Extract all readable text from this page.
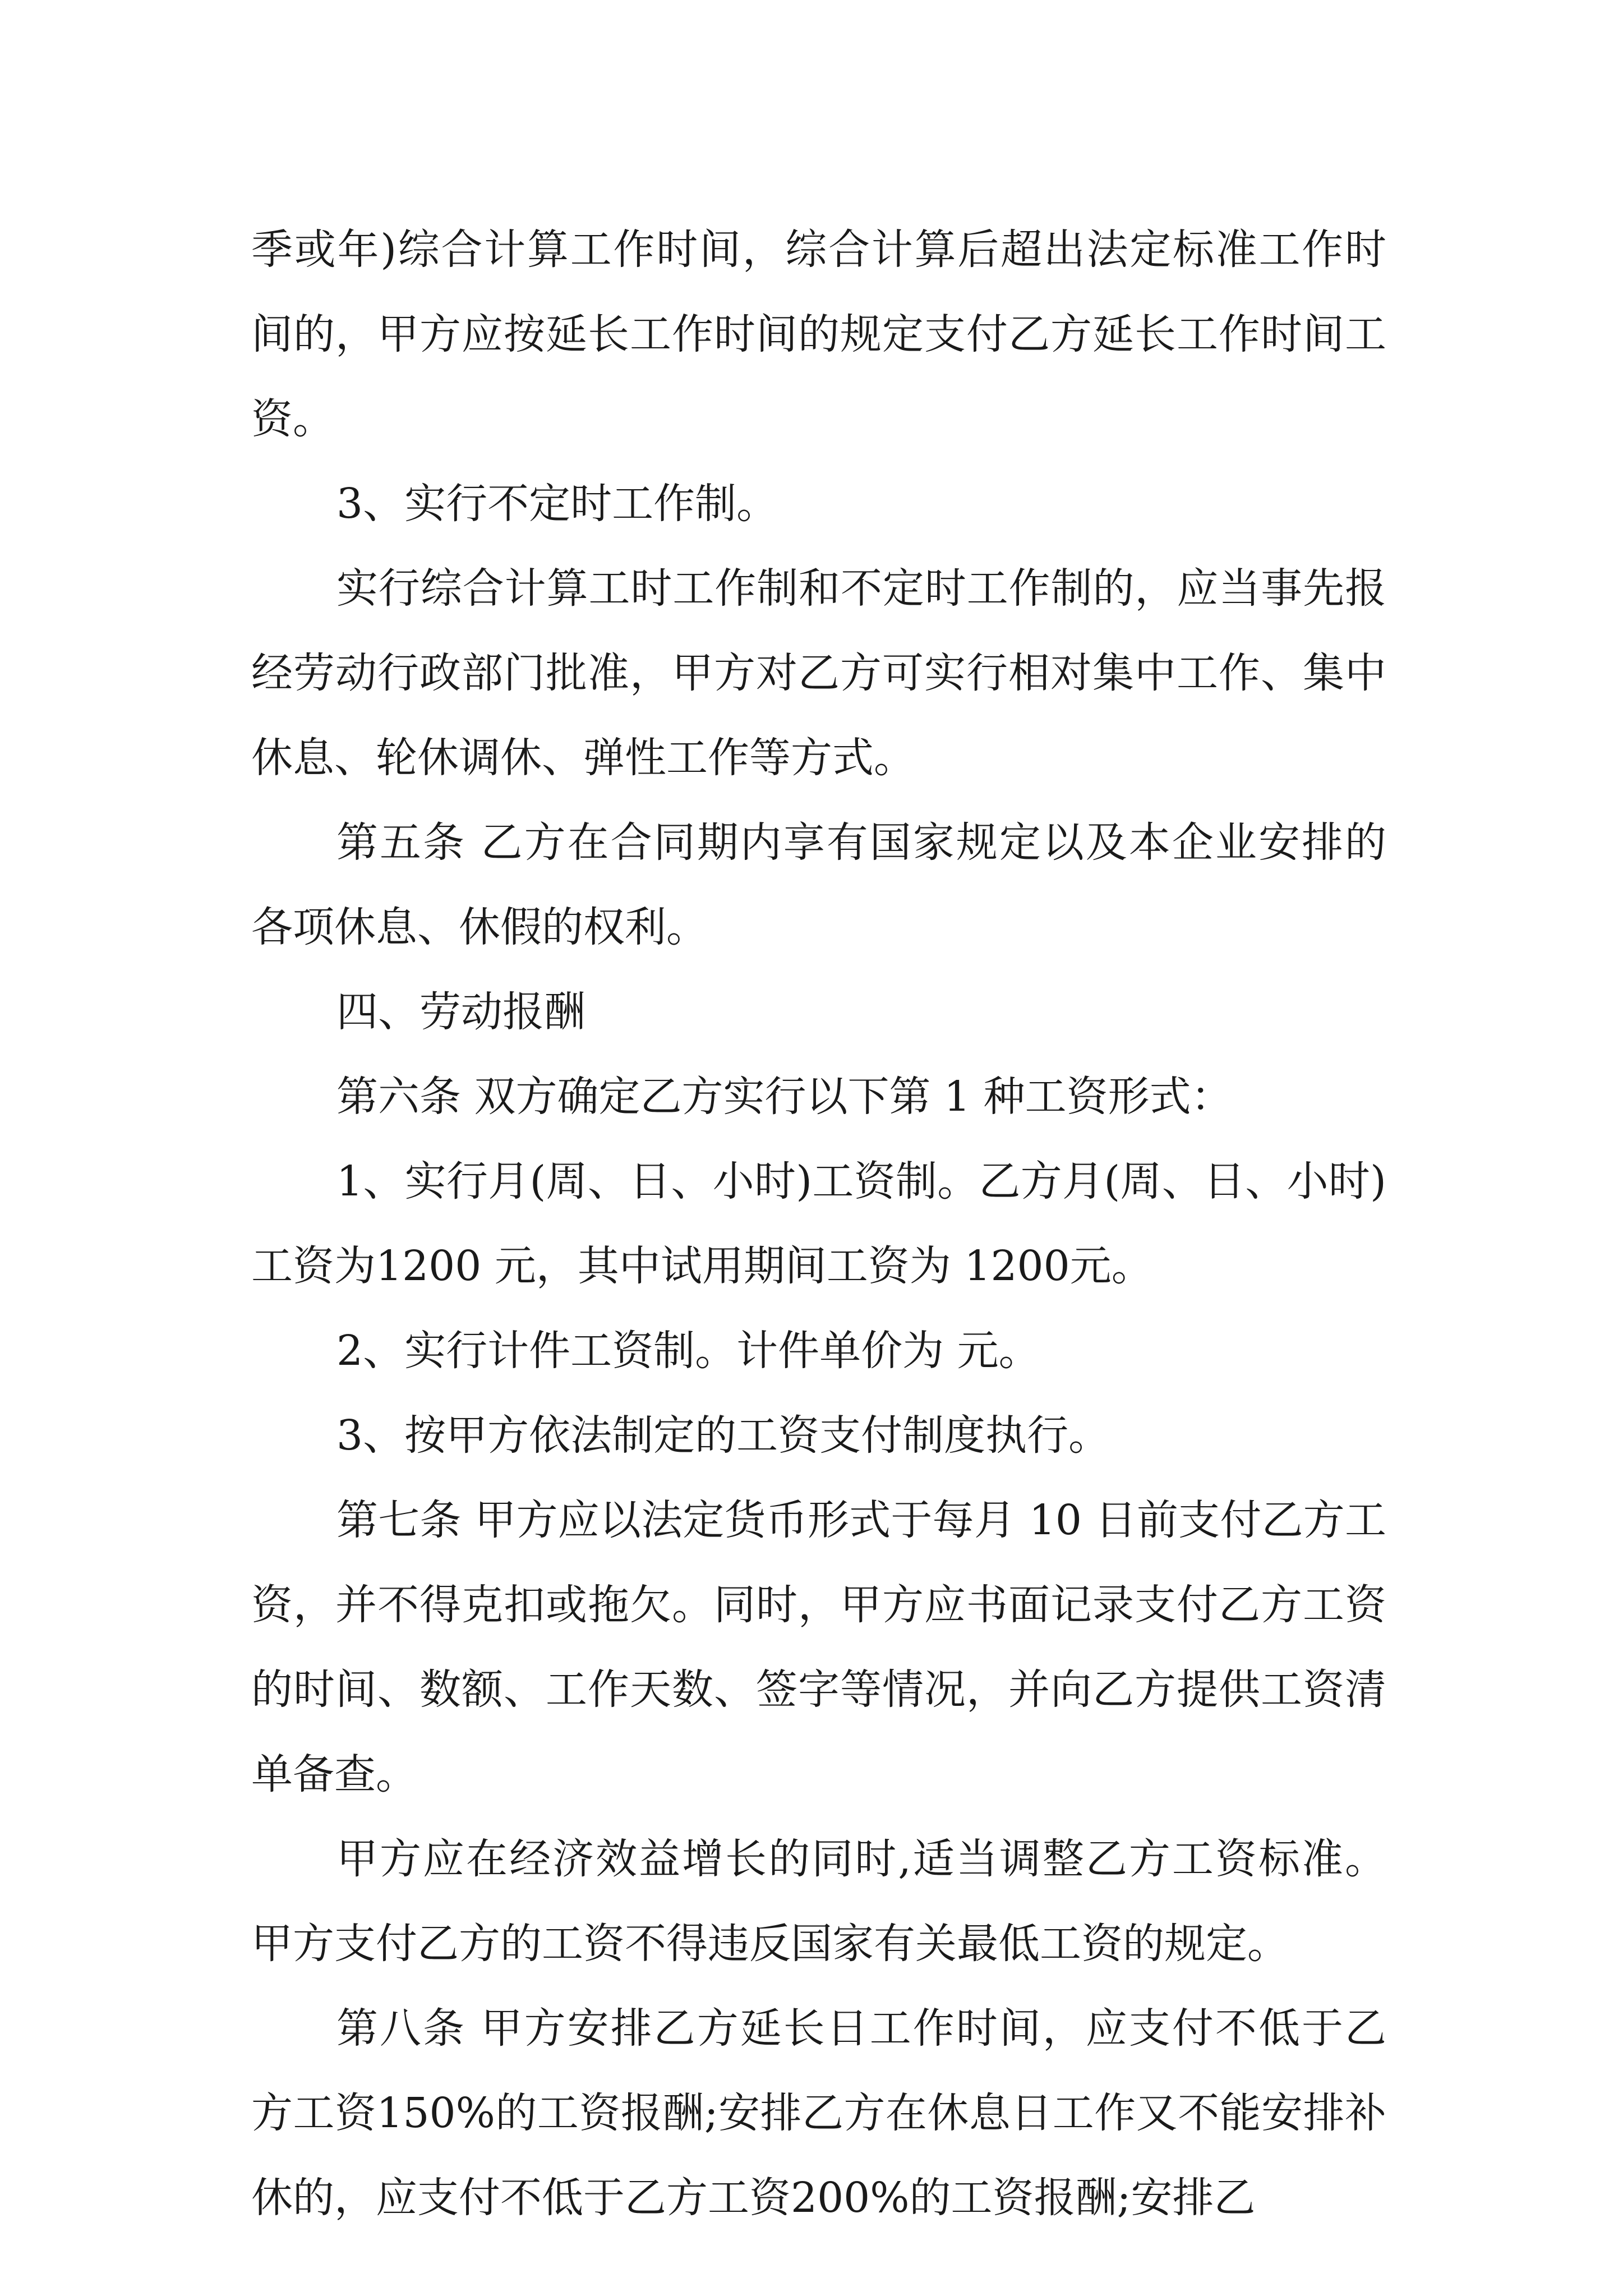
季或年)综合计算工作时间，综合计算后超出法定标准工作时间的，甲方应按延长工作时间的规定支付乙方延长工作时间工资。

3、实行不定时工作制。

实行综合计算工时工作制和不定时工作制的，应当事先报经劳动行政部门批准，甲方对乙方可实行相对集中工作、集中休息、轮休调休、弹性工作等方式。

第五条 乙方在合同期内享有国家规定以及本企业安排的各项休息、休假的权利。

四、劳动报酬

第六条 双方确定乙方实行以下第 1 种工资形式：

1、实行月(周、日、小时)工资制。乙方月(周、日、小时)工资为1200 元，其中试用期间工资为 1200元。

2、实行计件工资制。计件单价为 元。

3、按甲方依法制定的工资支付制度执行。

第七条 甲方应以法定货币形式于每月 10 日前支付乙方工资，并不得克扣或拖欠。同时，甲方应书面记录支付乙方工资的时间、数额、工作天数、签字等情况，并向乙方提供工资清单备查。

甲方应在经济效益增长的同时,适当调整乙方工资标准。甲方支付乙方的工资不得违反国家有关最低工资的规定。

第八条 甲方安排乙方延长日工作时间，应支付不低于乙方工资150%的工资报酬;安排乙方在休息日工作又不能安排补休的，应支付不低于乙方工资200%的工资报酬;安排乙
